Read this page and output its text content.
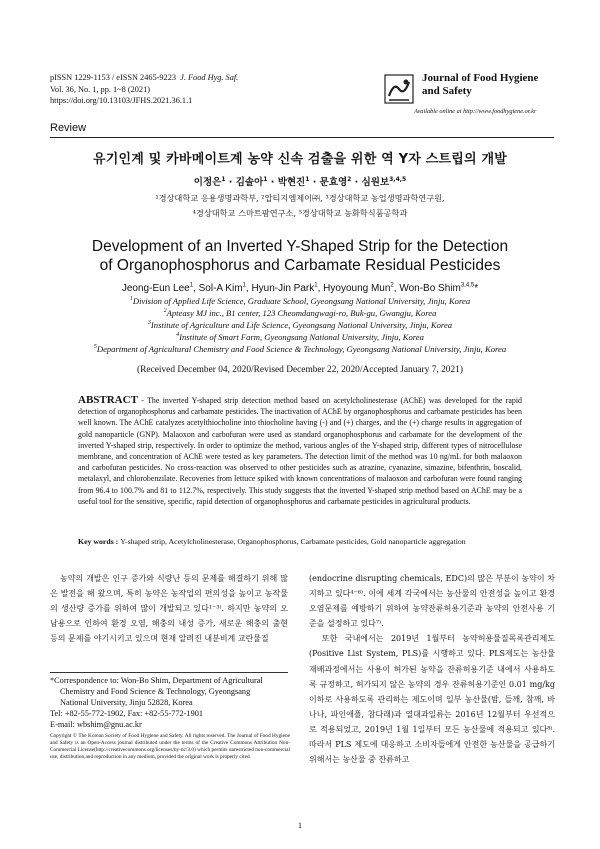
pISSN 1229-1153 / eISSN 2465-9223 J. Food Hyg. Saf.
Vol. 36, No. 1, pp. 1~8 (2021)
https://doi.org/10.13103/JFHS.2021.36.1.1
Journal of Food Hygiene
and Safety
Available online at http://www.foodhygiene.or.kr
Review
유기인계 및 카바메이트계 농약 신속 검출을 위한 역 Y자 스트립의 개발
이정은$^1$ · 김솔아$^1$ · 박현진$^1$ · 문효영$^2$ · 심원보$^{3,4,5}$
¹경상대학교 응용생명과학부, ²압티지엠제이㈜, ³경상대학교 농업생명과학연구원,
⁴경상대학교 스마트팜연구소, ⁵경상대학교 농화학식품공학과
Development of an Inverted Y-Shaped Strip for the Detection
of Organophosphorus and Carbamate Residual Pesticides
Jeong-Eun Lee$^1$, Sol-A Kim$^1$, Hyun-Jin Park$^1$, Hyoyoung Mun$^2$, Won-Bo Shim$^{3,4,5}$*
$^1$Division of Applied Life Science, Graduate School, Gyeongsang National University, Jinju, Korea
$^2$Apteasy MJ inc., B1 center, 123 Cheomdangwagi-ro, Buk-gu, Gwangju, Korea
$^3$Institute of Agriculture and Life Science, Gyeongsang National University, Jinju, Korea
$^4$Institute of Smart Farm, Gyeongsang National University, Jinju, Korea
$^5$Department of Agricultural Chemistry and Food Science & Technology, Gyeongsang National University, Jinju, Korea
(Received December 04, 2020/Revised December 22, 2020/Accepted January 7, 2021)
ABSTRACT - The inverted Y-shaped strip detection method based on acetylcholinesterase (AChE) was developed for the rapid detection of organophosphorus and carbamate pesticides. The inactivation of AChE by organophosphorus and carbamate pesticides has been well known. The AChE catalyzes acetylthiocholine into thiocholine having (-) and (+) charges, and the (+) charge results in aggregation of gold nanoparticle (GNP). Malaoxon and carbofuran were used as standard organophosphorus and carbamate for the development of the inverted Y-shaped strip, respectively. In order to optimize the method, various angles of the Y-shaped strip, different types of nitrocellulose membrane, and concentration of AChE were tested as key parameters. The detection limit of the method was 10 ng/mL for both malaoxon and carbofuran pesticides. No cross-reaction was observed to other pesticides such as atrazine, cyanazine, simazine, bifenthrin, boscalid, metalaxyl, and chlorobenzilate. Recoveries from lettuce spiked with known concentrations of malaoxon and carbofuran were found ranging from 96.4 to 100.7% and 81 to 112.7%, respectively. This study suggests that the inverted Y-shaped strip method based on AChE may be a useful tool for the sensitive, specific, rapid detection of organophosphorus and carbamate pesticides in agricultural products.
Key words : Y-shaped strip, Acetylcholinesterase, Organophosphorus, Carbamate pesticides, Gold nanoparticle aggregation

농약의 개발은 인구 증가와 식량난 등의 문제를 해결하기 위해 많은 발전을 해 왔으며, 특히 농약은 농작업의 편의성을 높이고 농작물의 생산량 증가를 위하여 많이 개발되고 있다¹⁻³⁾. 하지만 농약의 오남용으로 인하여 환경 오염, 해충의 내성 증가, 새로운 해충의 출현 등의 문제를 야기시키고 있으며 현재 알려진 내분비계 교란물질

(endocrine disrupting chemicals, EDC)의 많은 부분이 농약이 차지하고 있다⁴⁻⁶⁾. 이에 세계 각국에서는 농산물의 안전성을 높이고 환경오염문제를 예방하기 위하여 농약잔류허용기준과 농약의 안전사용 기준을 설정하고 있다⁷⁾.
　또한 국내에서는 2019년 1월부터 농약허용물질목록관리제도 (Positive List System, PLS)를 시행하고 있다. PLS제도는 농산물 재배과정에서는 사용이 허가된 농약을 잔류허용기준 내에서 사용하도록 규정하고, 허가되지 않은 농약의 경우 잔류허용기준인 0.01 mg/kg 이하로 사용하도록 관리하는 제도이며 일부 농산물(밤, 들깨, 참깨, 바나나, 파인애플, 참다래)과 열대과일류는 2016년 12월부터 우선적으로 적용되었고, 2019년 1월 1일부터 모든 농산물에 적용되고 있다⁸⁾. 따라서 PLS 제도에 대응하고 소비자들에게 안전한 농산물을 공급하기 위해서는 농산물 중 잔류하고

*Correspondence to: Won-Bo Shim, Department of Agricultural
Chemistry and Food Science & Technology, Gyeongsang
National University, Jinju 52828, Korea
Tel: +82-55-772-1902, Fax: +82-55-772-1901
E-mail: wbshim@gnu.ac.kr
Copyright © The Korean Society of Food Hygiene and Safety. All rights reserved. The Journal of Food Hygiene and Safety is an Open-Access journal distributed under the terms of the Creative Commons Attribution Non-Commercial License(http://creativecommons.org/licenses/by-nc/3.0) which permits unrestricted non-commercial use, distribution,and reproduction in any medium, provided the original work is properly cited.
1
